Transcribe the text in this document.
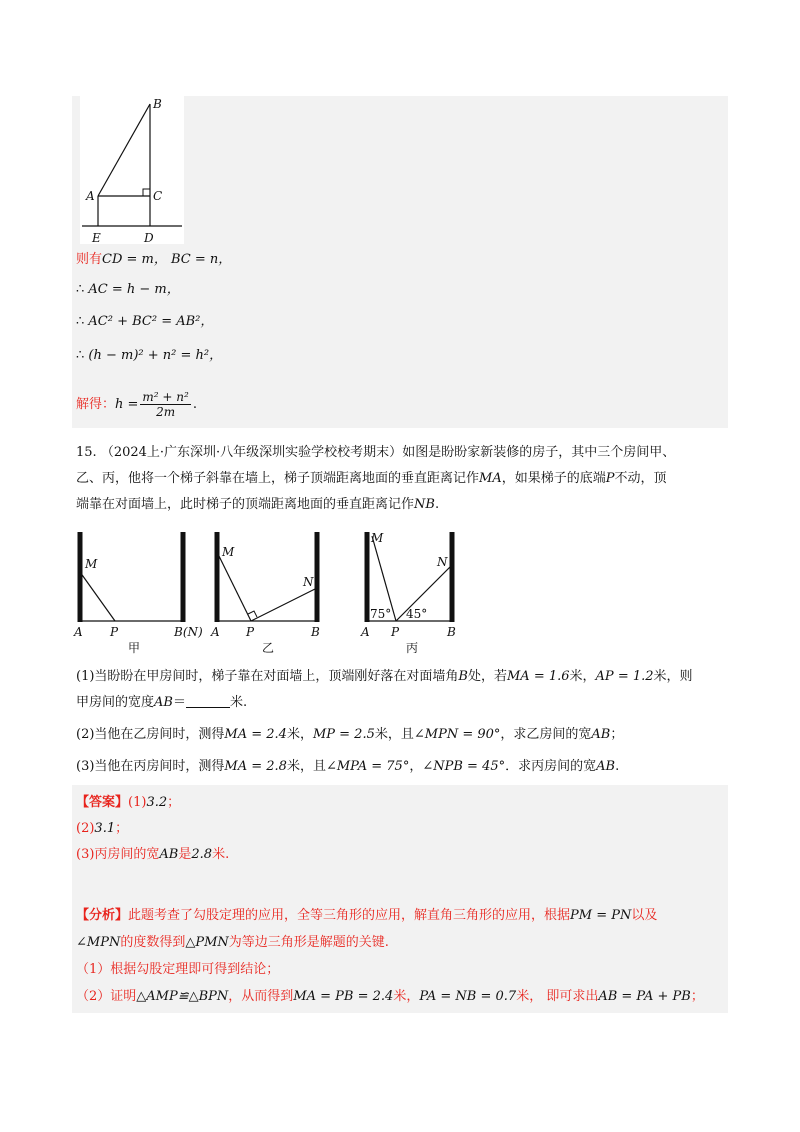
B
A	C
E	D
则有CD = m， BC = n，
∴ AC = h − m，
∴ AC² + BC² = AB²，
∴ (h − m)² + n² = h²，
解得：$h = \frac{\text{m² + n²}}{2m}$ .
15. （2024上·广东深圳·八年级深圳实验学校校考期末）如图是盼盼家新装修的房子，其中三个房间甲、
乙、丙，他将一个梯子斜靠在墙上，梯子顶端距离地面的垂直距离记作MA，如果梯子的底端P不动，顶
端靠在对面墙上，此时梯子的顶端距离地面的垂直距离记作NB.
M
A P	B(N)
甲
M
N
A P	B
乙
M
N
75° 45°
A P	B
丙
(1)当盼盼在甲房间时，梯子靠在对面墙上，顶端刚好落在对面墙角B处，若MA = 1.6米，AP = 1.2米，则
甲房间的宽度AB＝	米.
(2)当他在乙房间时，测得MA = 2.4米，MP = 2.5米，且∠MPN = 90°，求乙房间的宽AB；
(3)当他在丙房间时，测得MA = 2.8米，且∠MPA = 75°，∠NPB = 45°．求丙房间的宽AB.
【答案】(1)3.2；
(2)3.1；
(3)丙房间的宽AB是2.8米.
【分析】此题考查了勾股定理的应用，全等三角形的应用，解直角三角形的应用，根据PM = PN以及
∠MPN的度数得到△PMN为等边三角形是解题的关键.
（1）根据勾股定理即可得到结论；
（2）证明△AMP≌△BPN，从而得到MA = PB = 2.4米，PA = NB = 0.7米， 即可求出AB = PA + PB；
